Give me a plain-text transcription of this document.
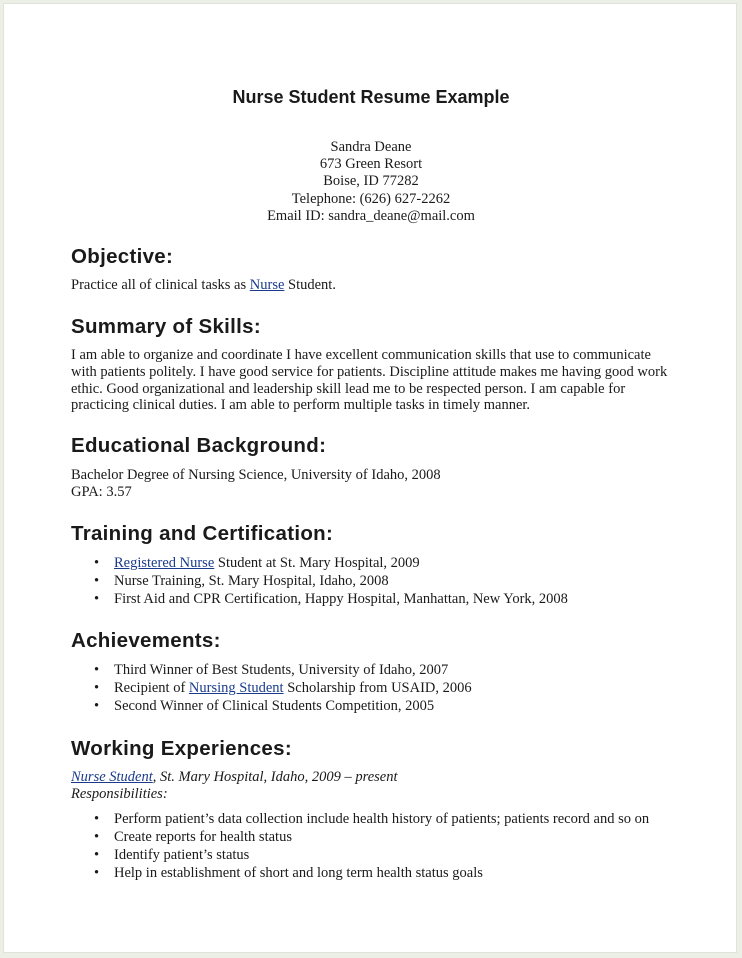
Nurse Student Resume Example
Sandra Deane
673 Green Resort
Boise, ID 77282
Telephone: (626) 627-2262
Email ID: sandra_deane@mail.com
Objective:

Practice all of clinical tasks as Nurse Student.

Summary of Skills:
I am able to organize and coordinate I have excellent communication skills that use to communicate
with patients politely. I have good service for patients. Discipline attitude makes me having good work
ethic. Good organizational and leadership skill lead me to be respected person. I am capable for
practicing clinical duties. I am able to perform multiple tasks in timely manner.
Educational Background:
Bachelor Degree of Nursing Science, University of Idaho, 2008
GPA: 3.57
Training and Certification:
• Registered Nurse Student at St. Mary Hospital, 2009
• Nurse Training, St. Mary Hospital, Idaho, 2008
• First Aid and CPR Certification, Happy Hospital, Manhattan, New York, 2008
Achievements:
• Third Winner of Best Students, University of Idaho, 2007
• Recipient of Nursing Student Scholarship from USAID, 2006
• Second Winner of Clinical Students Competition, 2005
Working Experiences:
Nurse Student, St. Mary Hospital, Idaho, 2009 – present
Responsibilities:
• Perform patient’s data collection include health history of patients; patients record and so on
• Create reports for health status
• Identify patient’s status
• Help in establishment of short and long term health status goals
